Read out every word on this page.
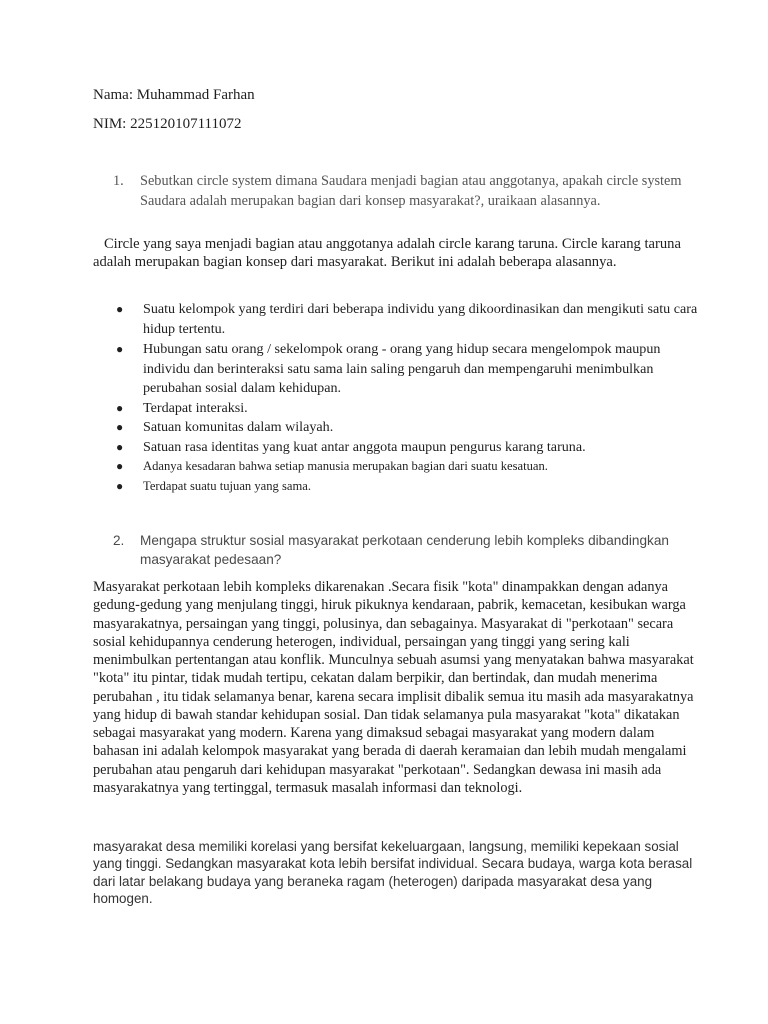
Nama: Muhammad Farhan
NIM: 225120107111072
1. Sebutkan circle system dimana Saudara menjadi bagian atau anggotanya, apakah circle system Saudara adalah merupakan bagian dari konsep masyarakat?, uraikaan alasannya.
Circle yang saya menjadi bagian atau anggotanya adalah circle karang taruna. Circle karang taruna adalah merupakan bagian konsep dari masyarakat. Berikut ini adalah beberapa alasannya.
● Suatu kelompok yang terdiri dari beberapa individu yang dikoordinasikan dan mengikuti satu cara hidup tertentu.
● Hubungan satu orang / sekelompok orang - orang yang hidup secara mengelompok maupun individu dan berinteraksi satu sama lain saling pengaruh dan mempengaruhi menimbulkan perubahan sosial dalam kehidupan.
● Terdapat interaksi.
● Satuan komunitas dalam wilayah.
● Satuan rasa identitas yang kuat antar anggota maupun pengurus karang taruna.
● Adanya kesadaran bahwa setiap manusia merupakan bagian dari suatu kesatuan.
● Terdapat suatu tujuan yang sama.
2. Mengapa struktur sosial masyarakat perkotaan cenderung lebih kompleks dibandingkan masyarakat pedesaan?
Masyarakat perkotaan lebih kompleks dikarenakan .Secara fisik "kota" dinampakkan dengan adanya gedung-gedung yang menjulang tinggi, hiruk pikuknya kendaraan, pabrik, kemacetan, kesibukan warga masyarakatnya, persaingan yang tinggi, polusinya, dan sebagainya. Masyarakat di "perkotaan" secara sosial kehidupannya cenderung heterogen, individual, persaingan yang tinggi yang sering kali menimbulkan pertentangan atau konflik. Munculnya sebuah asumsi yang menyatakan bahwa masyarakat "kota" itu pintar, tidak mudah tertipu, cekatan dalam berpikir, dan bertindak, dan mudah menerima perubahan , itu tidak selamanya benar, karena secara implisit dibalik semua itu masih ada masyarakatnya yang hidup di bawah standar kehidupan sosial. Dan tidak selamanya pula masyarakat "kota" dikatakan sebagai masyarakat yang modern. Karena yang dimaksud sebagai masyarakat yang modern dalam bahasan ini adalah kelompok masyarakat yang berada di daerah keramaian dan lebih mudah mengalami perubahan atau pengaruh dari kehidupan masyarakat "perkotaan". Sedangkan dewasa ini masih ada masyarakatnya yang tertinggal, termasuk masalah informasi dan teknologi.
masyarakat desa memiliki korelasi yang bersifat kekeluargaan, langsung, memiliki kepekaan sosial yang tinggi. Sedangkan masyarakat kota lebih bersifat individual. Secara budaya, warga kota berasal dari latar belakang budaya yang beraneka ragam (heterogen) daripada masyarakat desa yang homogen.
